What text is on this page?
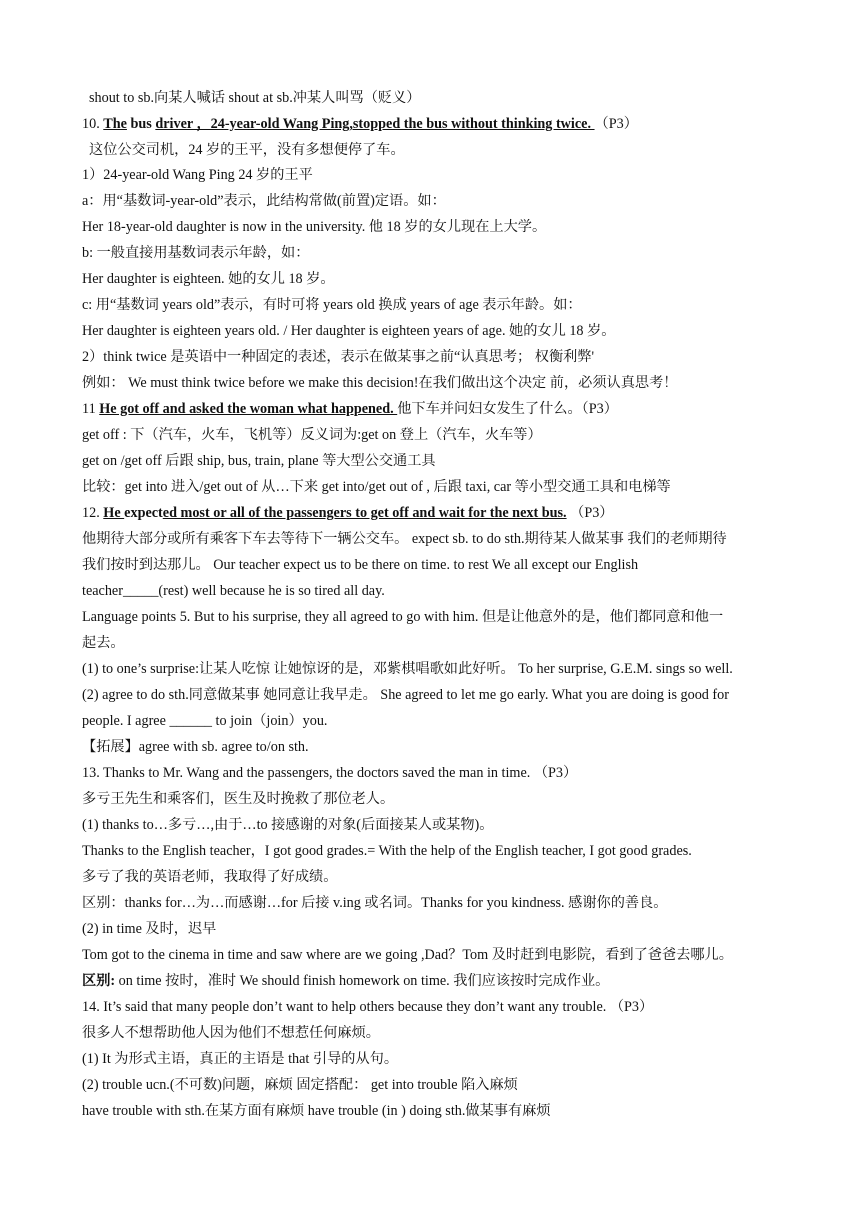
shout to sb.向某人喊话 shout at sb.冲某人叫骂（贬义）
10. The bus driver ，24-year-old Wang Ping,stopped the bus without thinking twice. （P3）
这位公交司机，24 岁的王平，没有多想便停了车。
1）24-year-old Wang Ping 24 岁的王平
a：用“基数词-year-old”表示，此结构常做(前置)定语。如：
Her 18-year-old daughter is now in the university. 他 18 岁的女儿现在上大学。
b: 一般直接用基数词表示年龄，如：
Her daughter is eighteen. 她的女儿 18 岁。
c: 用“基数词 years old”表示，有时可将 years old 换成 years of age 表示年龄。如：
Her daughter is eighteen years old. / Her daughter is eighteen years of age. 她的女儿 18 岁。
2）think twice 是英语中一种固定的表述，表示在做某事之前“认真思考； 权衡利弊'
例如： We must think twice before we make this decision!在我们做出这个决定 前，必须认真思考！
11 He got off and asked the woman what happened. 他下车并问妇女发生了什么。（P3）
get off : 下（汽车，火车，飞机等）反义词为:get on 登上（汽车，火车等）
get on /get off 后跟 ship, bus, train, plane 等大型公交通工具
比较：get into 进入/get out of 从…下来 get into/get out of , 后跟 taxi, car 等小型交通工具和电梯等
12. He expected most or all of the passengers to get off and wait for the next bus. （P3）
他期待大部分或所有乘客下车去等待下一辆公交车。 expect sb. to do sth.期待某人做某事 我们的老师期待
我们按时到达那儿。 Our teacher expect us to be there on time. to rest We all except our English
teacher_____(rest) well because he is so tired all day.
Language points 5. But to his surprise, they all agreed to go with him. 但是让他意外的是，他们都同意和他一
起去。
(1) to one’s surprise:让某人吃惊 让她惊讶的是，邓紫棋唱歌如此好听。 To her surprise, G.E.M. sings so well.
(2) agree to do sth.同意做某事 她同意让我早走。 She agreed to let me go early. What you are doing is good for
people. I agree ______ to join（join）you.
【拓展】agree with sb. agree to/on sth.
13. Thanks to Mr. Wang and the passengers, the doctors saved the man in time. （P3）
多亏王先生和乘客们，医生及时挽救了那位老人。
(1) thanks to…多亏…,由于…to 接感谢的对象(后面接某人或某物)。
Thanks to the English teacher，I got good grades.= With the help of the English teacher, I got good grades.
多亏了我的英语老师，我取得了好成绩。
区别：thanks for…为…而感谢…for 后接 v.ing 或名词。Thanks for you kindness. 感谢你的善良。
(2) in time 及时，迟早
Tom got to the cinema in time and saw where are we going ,Dad？Tom 及时赶到电影院，看到了爸爸去哪儿。
区别: on time 按时，准时 We should finish homework on time. 我们应该按时完成作业。
14. It’s said that many people don’t want to help others because they don’t want any trouble. （P3）
很多人不想帮助他人因为他们不想惹任何麻烦。
(1) It 为形式主语，真正的主语是 that 引导的从句。
(2) trouble ucn.(不可数)问题，麻烦 固定搭配： get into trouble 陷入麻烦
have trouble with sth.在某方面有麻烦 have trouble (in ) doing sth.做某事有麻烦
